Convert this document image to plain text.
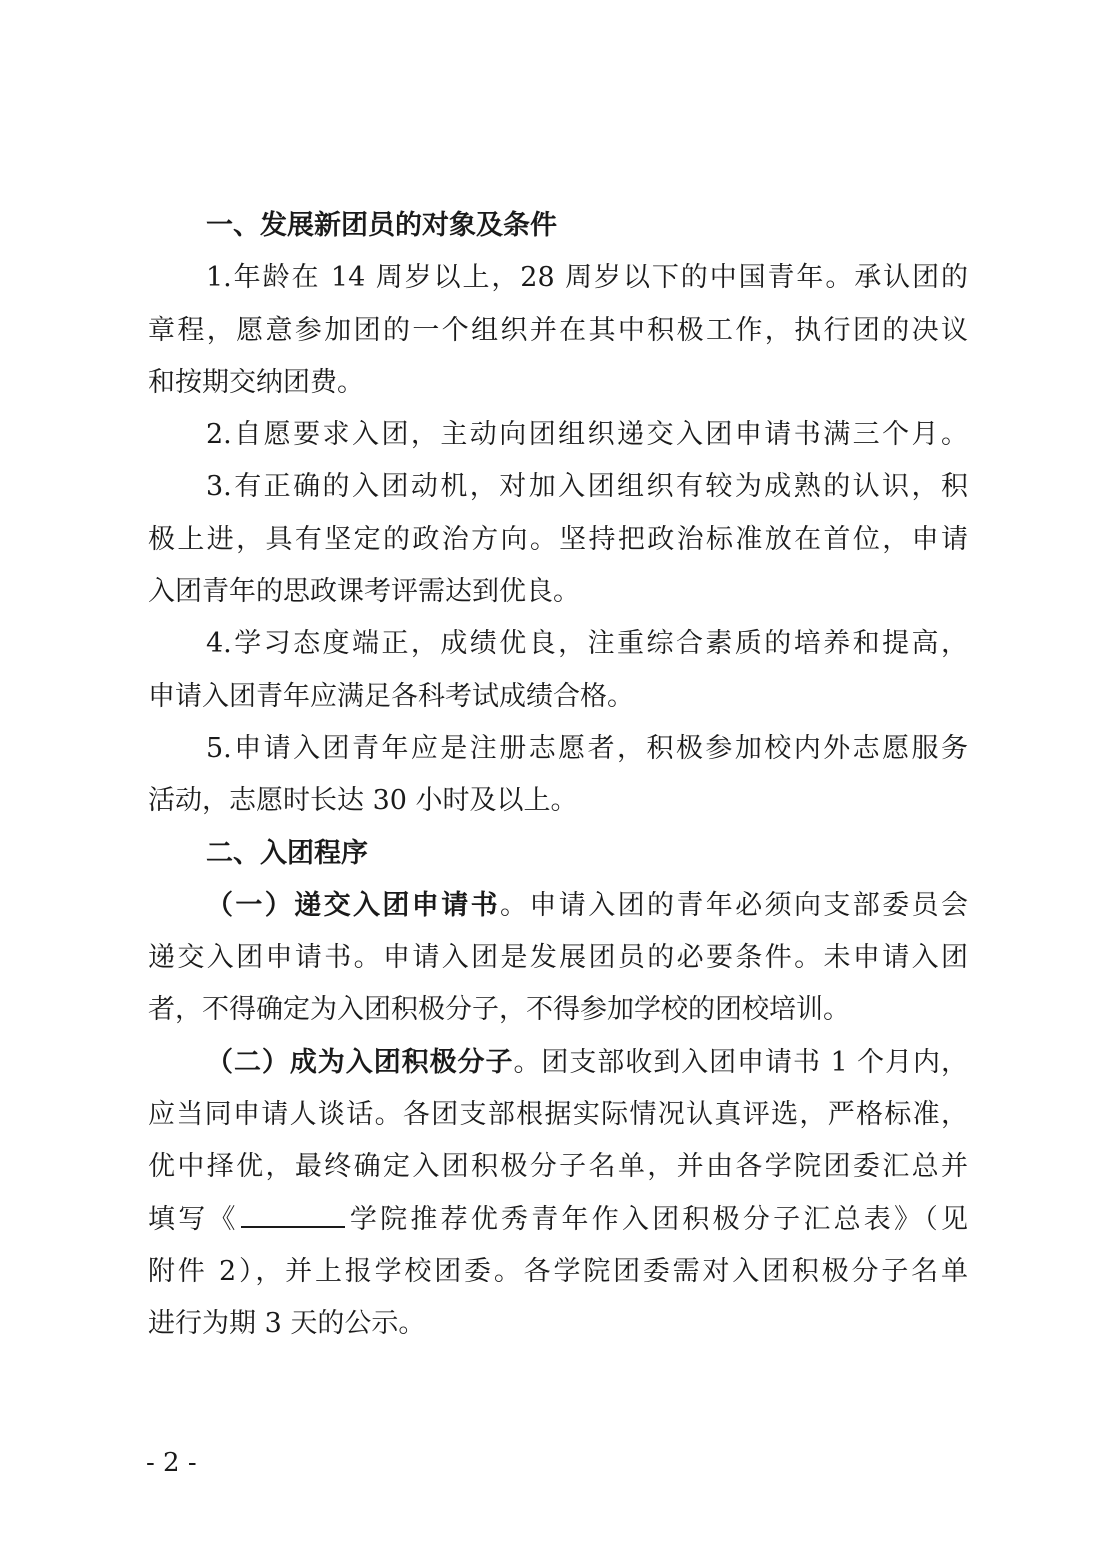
一、发展新团员的对象及条件
1.年龄在 14 周岁以上，28 周岁以下的中国青年。承认团的
章程，愿意参加团的一个组织并在其中积极工作，执行团的决议
和按期交纳团费。
2.自愿要求入团，主动向团组织递交入团申请书满三个月。
3.有正确的入团动机，对加入团组织有较为成熟的认识，积
极上进，具有坚定的政治方向。坚持把政治标准放在首位，申请
入团青年的思政课考评需达到优良。
4.学习态度端正，成绩优良，注重综合素质的培养和提高，
申请入团青年应满足各科考试成绩合格。
5.申请入团青年应是注册志愿者，积极参加校内外志愿服务
活动，志愿时长达 30 小时及以上。
二、入团程序
（一）递交入团申请书。申请入团的青年必须向支部委员会
递交入团申请书。申请入团是发展团员的必要条件。未申请入团
者，不得确定为入团积极分子，不得参加学校的团校培训。
（二）成为入团积极分子。团支部收到入团申请书 1 个月内，
应当同申请人谈话。各团支部根据实际情况认真评选，严格标准，
优中择优，最终确定入团积极分子名单，并由各学院团委汇总并
填写《	学院推荐优秀青年作入团积极分子汇总表》（见
附件 2），并上报学校团委。各学院团委需对入团积极分子名单
进行为期 3 天的公示。
- 2 -
